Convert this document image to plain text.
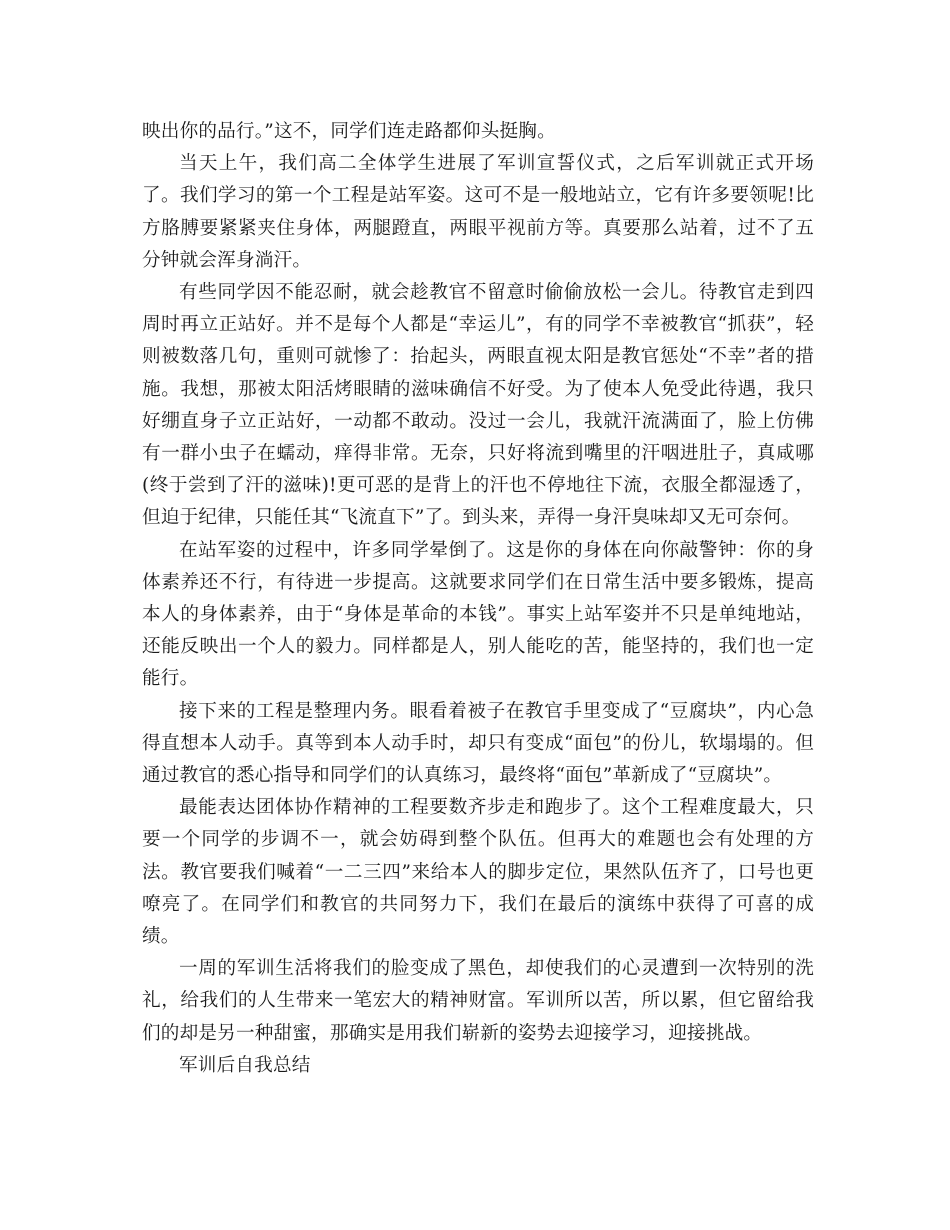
映出你的品行。”这不，同学们连走路都仰头挺胸。

当天上午，我们高二全体学生进展了军训宣誓仪式，之后军训就正式开场了。我们学习的第一个工程是站军姿。这可不是一般地站立，它有许多要领呢!比方胳膊要紧紧夹住身体，两腿蹬直，两眼平视前方等。真要那么站着，过不了五分钟就会浑身淌汗。

有些同学因不能忍耐，就会趁教官不留意时偷偷放松一会儿。待教官走到四周时再立正站好。并不是每个人都是“幸运儿”，有的同学不幸被教官“抓获”，轻则被数落几句，重则可就惨了：抬起头，两眼直视太阳是教官惩处“不幸”者的措施。我想，那被太阳活烤眼睛的滋味确信不好受。为了使本人免受此待遇，我只好绷直身子立正站好，一动都不敢动。没过一会儿，我就汗流满面了，脸上仿佛有一群小虫子在蠕动，痒得非常。无奈，只好将流到嘴里的汗咽进肚子，真咸哪(终于尝到了汗的滋味)!更可恶的是背上的汗也不停地往下流，衣服全都湿透了，但迫于纪律，只能任其“飞流直下”了。到头来，弄得一身汗臭味却又无可奈何。

在站军姿的过程中，许多同学晕倒了。这是你的身体在向你敲警钟：你的身体素养还不行，有待进一步提高。这就要求同学们在日常生活中要多锻炼，提高本人的身体素养，由于“身体是革命的本钱”。事实上站军姿并不只是单纯地站，还能反映出一个人的毅力。同样都是人，别人能吃的苦，能坚持的，我们也一定能行。

接下来的工程是整理内务。眼看着被子在教官手里变成了“豆腐块”，内心急得直想本人动手。真等到本人动手时，却只有变成“面包”的份儿，软塌塌的。但通过教官的悉心指导和同学们的认真练习，最终将“面包”革新成了“豆腐块”。

最能表达团体协作精神的工程要数齐步走和跑步了。这个工程难度最大，只要一个同学的步调不一，就会妨碍到整个队伍。但再大的难题也会有处理的方法。教官要我们喊着“一二三四”来给本人的脚步定位，果然队伍齐了，口号也更嘹亮了。在同学们和教官的共同努力下，我们在最后的演练中获得了可喜的成绩。

一周的军训生活将我们的脸变成了黑色，却使我们的心灵遭到一次特别的洗礼，给我们的人生带来一笔宏大的精神财富。军训所以苦，所以累，但它留给我们的却是另一种甜蜜，那确实是用我们崭新的姿势去迎接学习，迎接挑战。

军训后自我总结
